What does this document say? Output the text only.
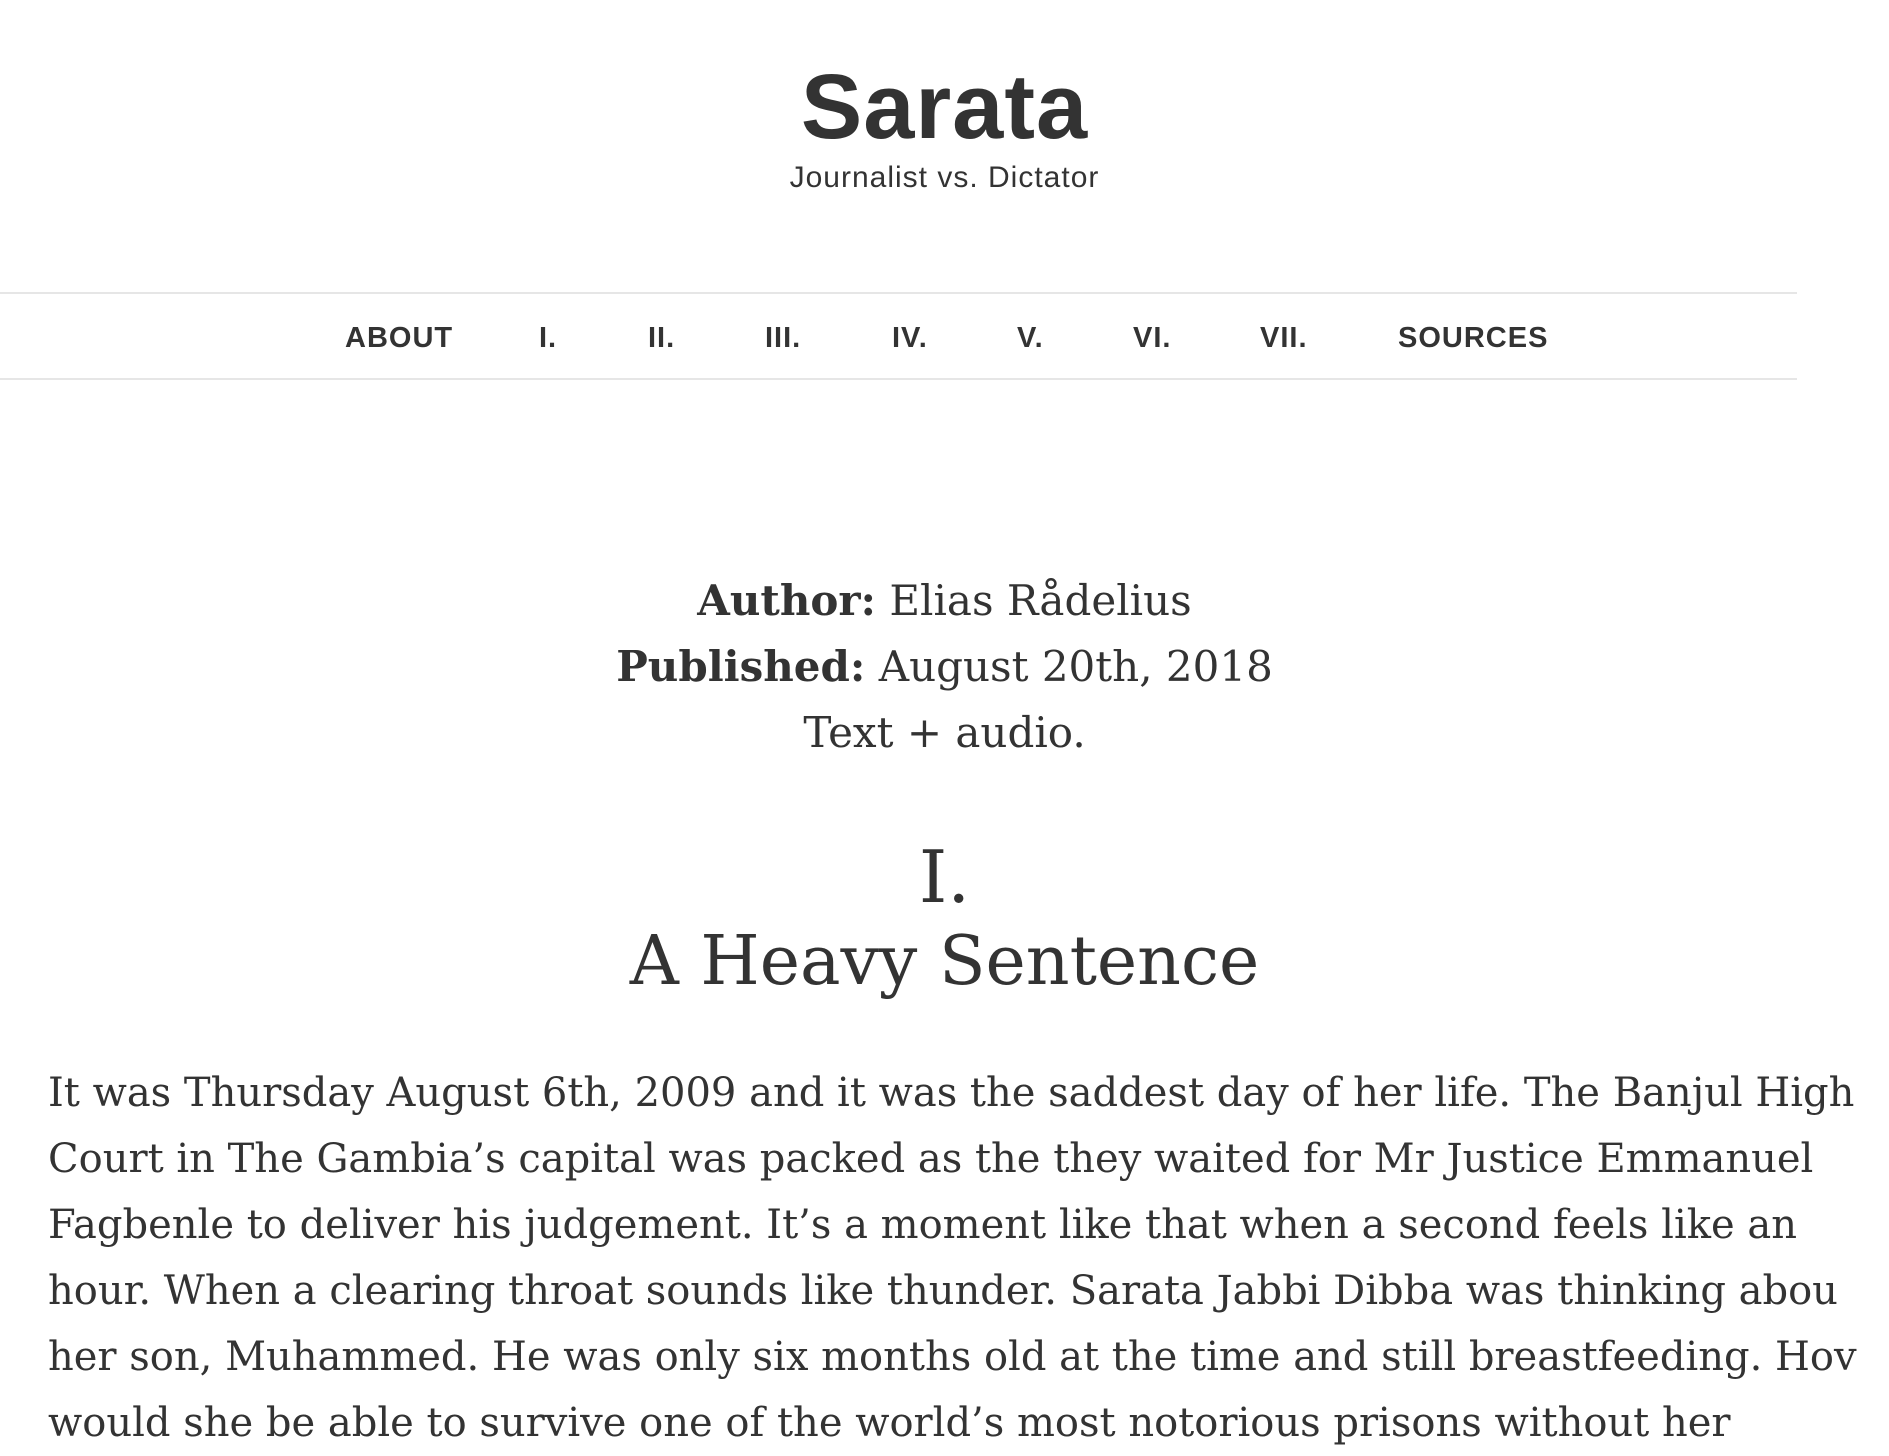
Sarata

Journalist vs. Dictator

ABOUT	I.	II.	III.	IV.	V.	VI.	VII.	SOURCES
Author: Elias Rådelius
Published: August 20th, 2018
Text + audio.
I.
A Heavy Sentence
It was Thursday August 6th, 2009 and it was the saddest day of her life. The Banjul High
Court in The Gambia’s capital was packed as the they waited for Mr Justice Emmanuel
Fagbenle to deliver his judgement. It’s a moment like that when a second feels like an
hour. When a clearing throat sounds like thunder. Sarata Jabbi Dibba was thinking abou
her son, Muhammed. He was only six months old at the time and still breastfeeding. Hov
would she be able to survive one of the world’s most notorious prisons without her
